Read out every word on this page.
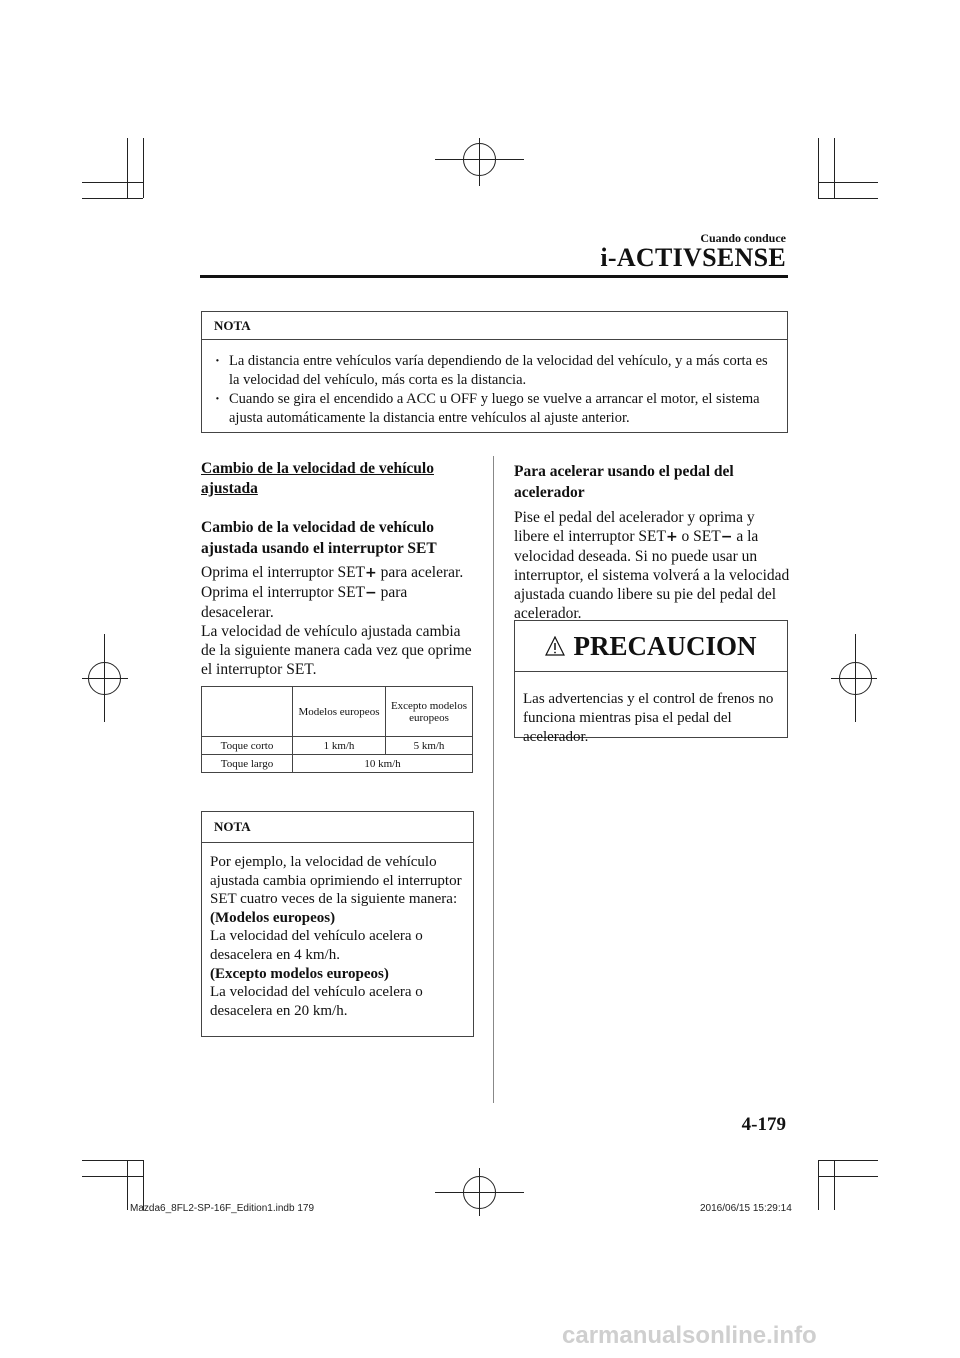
Cuando conduce
i-ACTIVSENSE
NOTA
· La distancia entre vehículos varía dependiendo de la velocidad del vehículo, y a más corta es la velocidad del vehículo, más corta es la distancia.
· Cuando se gira el encendido a ACC u OFF y luego se vuelve a arrancar el motor, el sistema ajusta automáticamente la distancia entre vehículos al ajuste anterior.
Cambio de la velocidad de vehículo ajustada
Cambio de la velocidad de vehículo ajustada usando el interruptor SET
Oprima el interruptor SET+ para acelerar.
Oprima el interruptor SET− para desacelerar.
La velocidad de vehículo ajustada cambia de la siguiente manera cada vez que oprime el interruptor SET.
	Modelos europeos	Excepto modelos europeos
Toque corto	1 km/h	5 km/h
Toque largo	10 km/h	
NOTA
Por ejemplo, la velocidad de vehículo ajustada cambia oprimiendo el interruptor SET cuatro veces de la siguiente manera:
(Modelos europeos)
La velocidad del vehículo acelera o desacelera en 4 km/h.
(Excepto modelos europeos)
La velocidad del vehículo acelera o desacelera en 20 km/h.
Para acelerar usando el pedal del acelerador
Pise el pedal del acelerador y oprima y libere el interruptor SET+ o SET− a la velocidad deseada. Si no puede usar un interruptor, el sistema volverá a la velocidad ajustada cuando libere su pie del pedal del acelerador.
PRECAUCION
Las advertencias y el control de frenos no funciona mientras pisa el pedal del acelerador.
4-179
Mazda6_8FL2-SP-16F_Edition1.indb 179	2016/06/15 15:29:14
carmanualsonline.info
